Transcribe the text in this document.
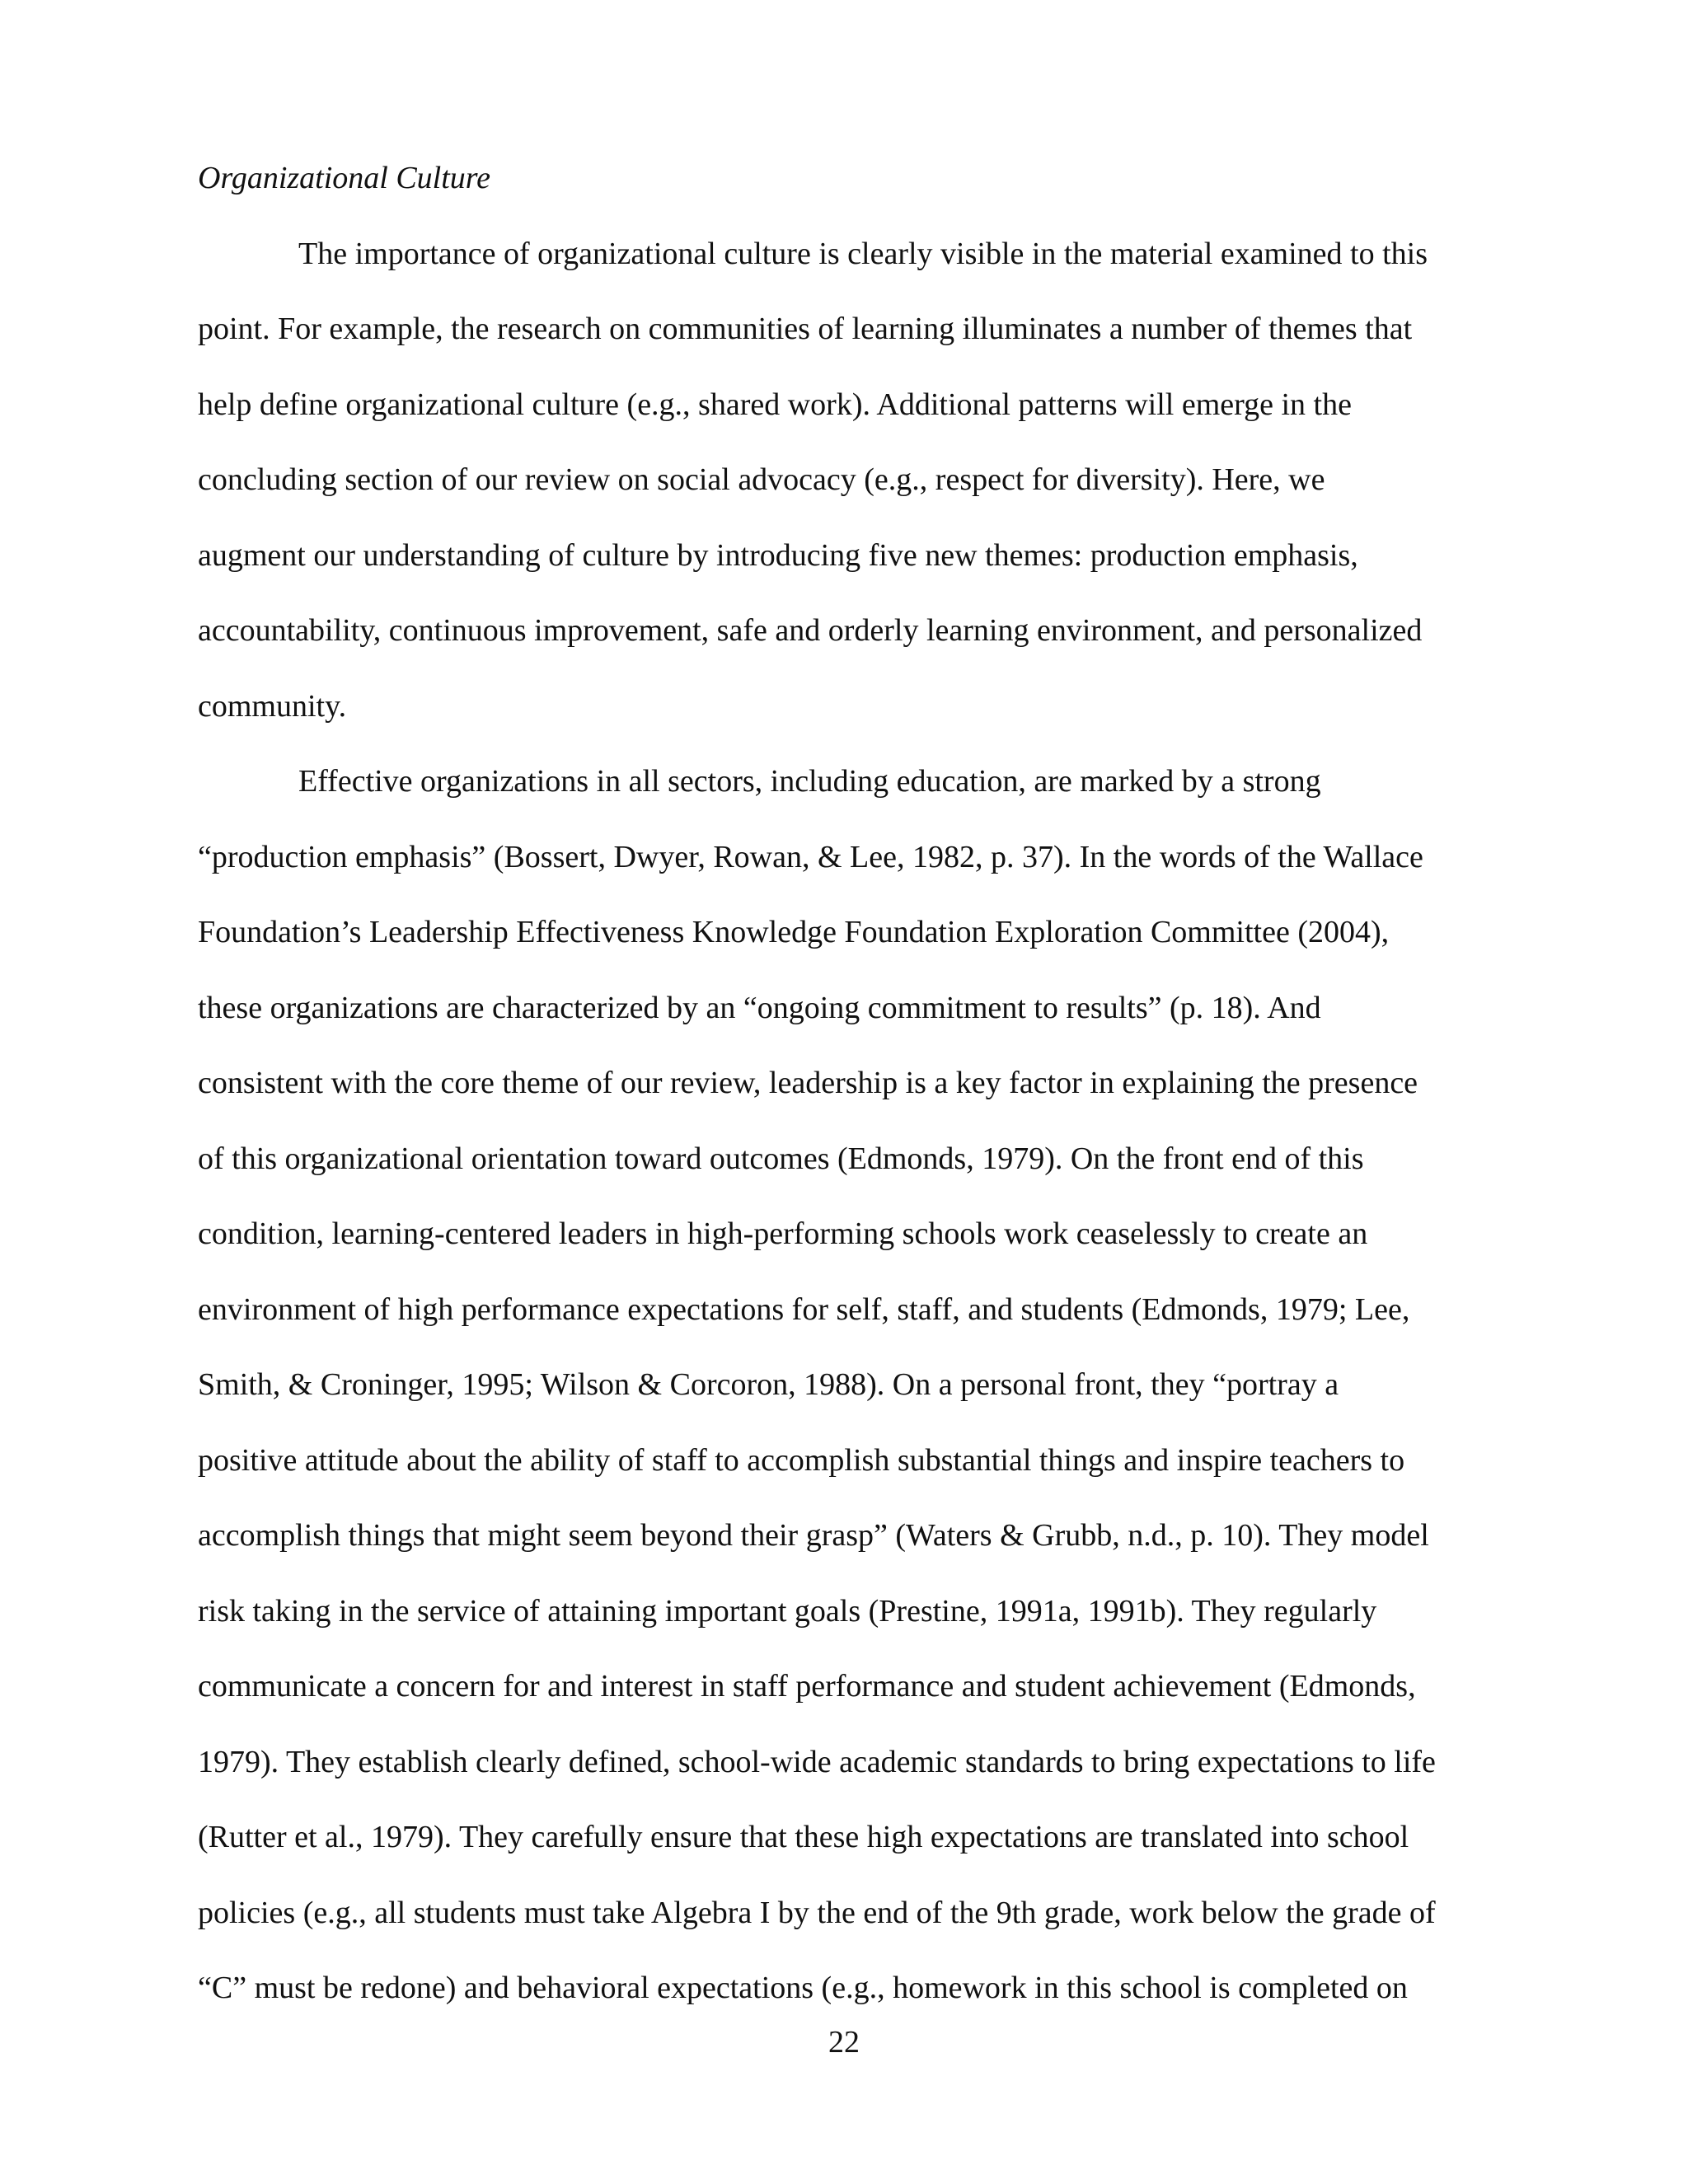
Organizational Culture
The importance of organizational culture is clearly visible in the material examined to this
point. For example, the research on communities of learning illuminates a number of themes that
help define organizational culture (e.g., shared work). Additional patterns will emerge in the
concluding section of our review on social advocacy (e.g., respect for diversity). Here, we
augment our understanding of culture by introducing five new themes: production emphasis,
accountability, continuous improvement, safe and orderly learning environment, and personalized
community.
Effective organizations in all sectors, including education, are marked by a strong
“production emphasis” (Bossert, Dwyer, Rowan, & Lee, 1982, p. 37). In the words of the Wallace
Foundation’s Leadership Effectiveness Knowledge Foundation Exploration Committee (2004),
these organizations are characterized by an “ongoing commitment to results” (p. 18). And
consistent with the core theme of our review, leadership is a key factor in explaining the presence
of this organizational orientation toward outcomes (Edmonds, 1979). On the front end of this
condition, learning-centered leaders in high-performing schools work ceaselessly to create an
environment of high performance expectations for self, staff, and students (Edmonds, 1979; Lee,
Smith, & Croninger, 1995; Wilson & Corcoron, 1988). On a personal front, they “portray a
positive attitude about the ability of staff to accomplish substantial things and inspire teachers to
accomplish things that might seem beyond their grasp” (Waters & Grubb, n.d., p. 10). They model
risk taking in the service of attaining important goals (Prestine, 1991a, 1991b). They regularly
communicate a concern for and interest in staff performance and student achievement (Edmonds,
1979). They establish clearly defined, school-wide academic standards to bring expectations to life
(Rutter et al., 1979). They carefully ensure that these high expectations are translated into school
policies (e.g., all students must take Algebra I by the end of the 9th grade, work below the grade of
“C” must be redone) and behavioral expectations (e.g., homework in this school is completed on
22
